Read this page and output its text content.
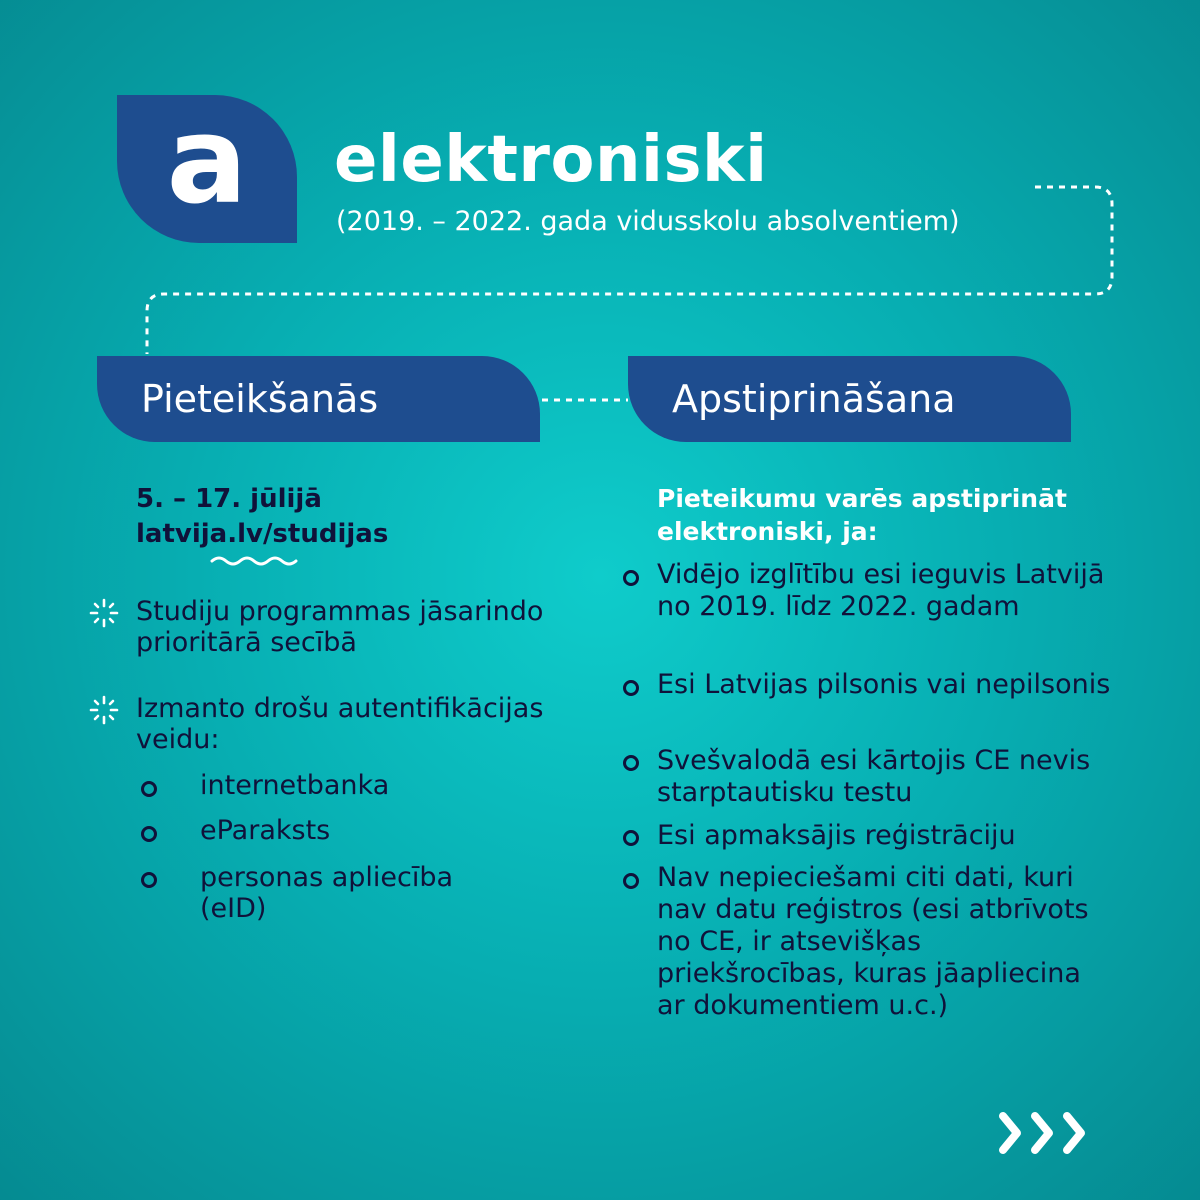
a	elektroniski
(2019. – 2022. gada vidusskolu absolventiem)
Pieteikšanās	Apstiprināšana
5. – 17. jūlijā
latvija.lv/studijas
Studiju programmas jāsarindo prioritārā secībā
Izmanto drošu autentifikācijas veidu:
internetbanka
eParaksts
personas apliecība (eID)
Pieteikumu varēs apstiprināt elektroniski, ja:
Vidējo izglītību esi ieguvis Latvijā no 2019. līdz 2022. gadam
Esi Latvijas pilsonis vai nepilsonis
Svešvalodā esi kārtojis CE nevis starptautisku testu
Esi apmaksājis reģistrāciju
Nav nepieciešami citi dati, kuri nav datu reģistros (esi atbrīvots no CE, ir atsevišķas priekšrocības, kuras jāapliecina ar dokumentiem u.c.)
